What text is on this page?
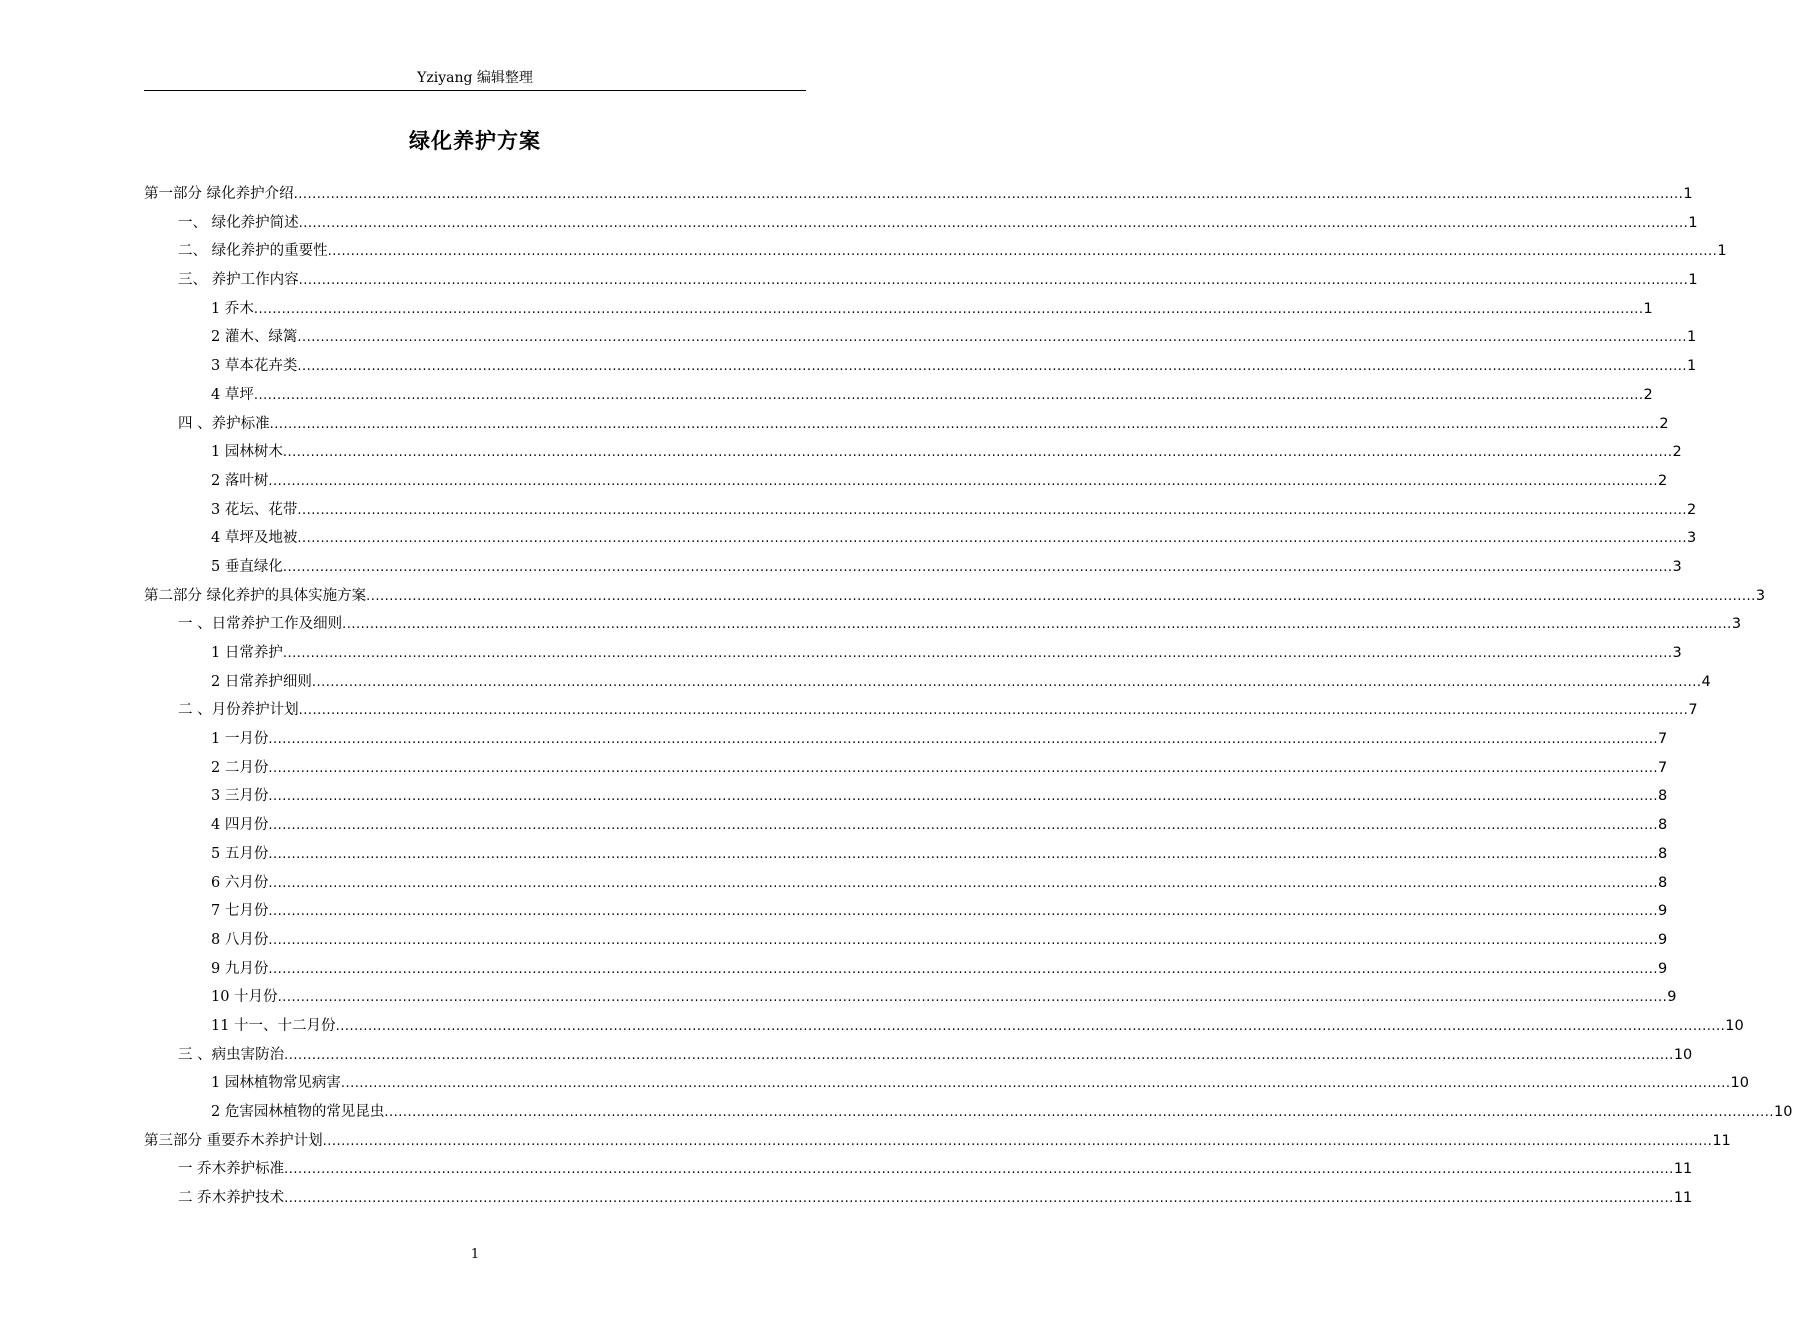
Yziyang 编辑整理
绿化养护方案
第一部分 绿化养护介绍 ............................................................................................................................................................................................................................................................................................................ 1
一、 绿化养护简述 ............................................................................................................................................................................................................................................................................................................ 1
二、 绿化养护的重要性 ............................................................................................................................................................................................................................................................................................................ 1
三、 养护工作内容 ............................................................................................................................................................................................................................................................................................................ 1
1 乔木 ............................................................................................................................................................................................................................................................................................................ 1
2 灌木、绿篱 ............................................................................................................................................................................................................................................................................................................ 1
3 草本花卉类 ............................................................................................................................................................................................................................................................................................................ 1
4 草坪 ............................................................................................................................................................................................................................................................................................................ 2
四 、养护标准 ............................................................................................................................................................................................................................................................................................................ 2
1 园林树木 ............................................................................................................................................................................................................................................................................................................ 2
2 落叶树 ............................................................................................................................................................................................................................................................................................................ 2
3 花坛、花带 ............................................................................................................................................................................................................................................................................................................ 2
4 草坪及地被 ............................................................................................................................................................................................................................................................................................................ 3
5 垂直绿化 ............................................................................................................................................................................................................................................................................................................ 3
第二部分 绿化养护的具体实施方案 ............................................................................................................................................................................................................................................................................................................ 3
一 、日常养护工作及细则 ............................................................................................................................................................................................................................................................................................................ 3
1 日常养护 ............................................................................................................................................................................................................................................................................................................ 3
2 日常养护细则 ............................................................................................................................................................................................................................................................................................................ 4
二 、月份养护计划 ............................................................................................................................................................................................................................................................................................................ 7
1 一月份 ............................................................................................................................................................................................................................................................................................................ 7
2 二月份 ............................................................................................................................................................................................................................................................................................................ 7
3 三月份 ............................................................................................................................................................................................................................................................................................................ 8
4 四月份 ............................................................................................................................................................................................................................................................................................................ 8
5 五月份 ............................................................................................................................................................................................................................................................................................................ 8
6 六月份 ............................................................................................................................................................................................................................................................................................................ 8
7 七月份 ............................................................................................................................................................................................................................................................................................................ 9
8 八月份 ............................................................................................................................................................................................................................................................................................................ 9
9 九月份 ............................................................................................................................................................................................................................................................................................................ 9
10 十月份 ............................................................................................................................................................................................................................................................................................................ 9
11 十一、十二月份 ............................................................................................................................................................................................................................................................................................................ 10
三 、病虫害防治 ............................................................................................................................................................................................................................................................................................................ 10
1 园林植物常见病害 ............................................................................................................................................................................................................................................................................................................ 10
2 危害园林植物的常见昆虫 ............................................................................................................................................................................................................................................................................................................ 10
第三部分 重要乔木养护计划 ............................................................................................................................................................................................................................................................................................................ 11
一 乔木养护标准 ............................................................................................................................................................................................................................................................................................................ 11
二 乔木养护技术 ............................................................................................................................................................................................................................................................................................................ 11
1
